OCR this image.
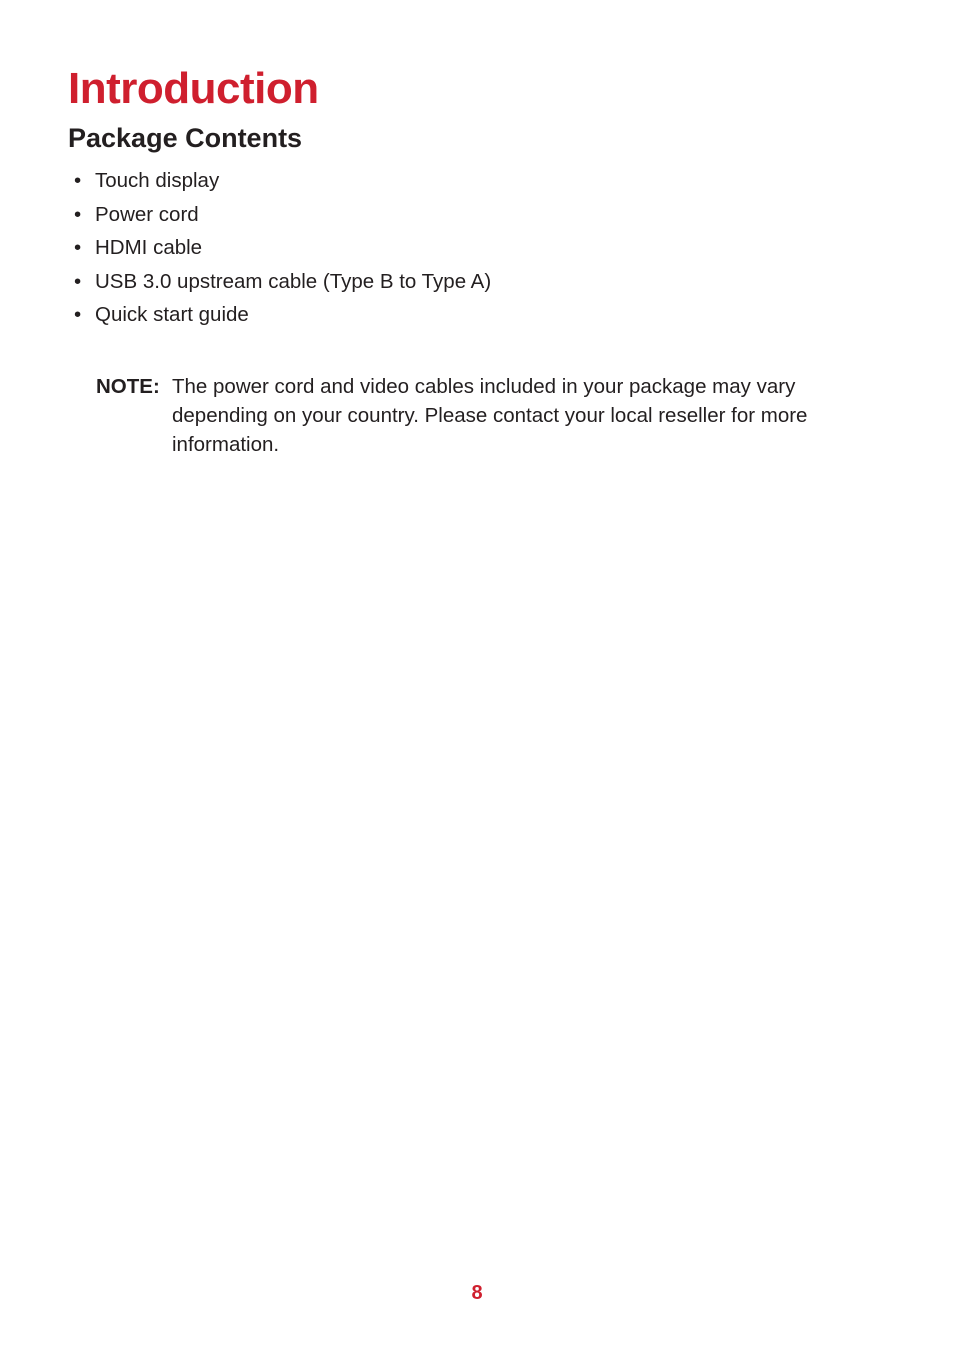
Introduction
Package Contents
• Touch display
• Power cord
• HDMI cable
• USB 3.0 upstream cable (Type B to Type A)
• Quick start guide
NOTE: The power cord and video cables included in your package may vary depending on your country. Please contact your local reseller for more information.
8
